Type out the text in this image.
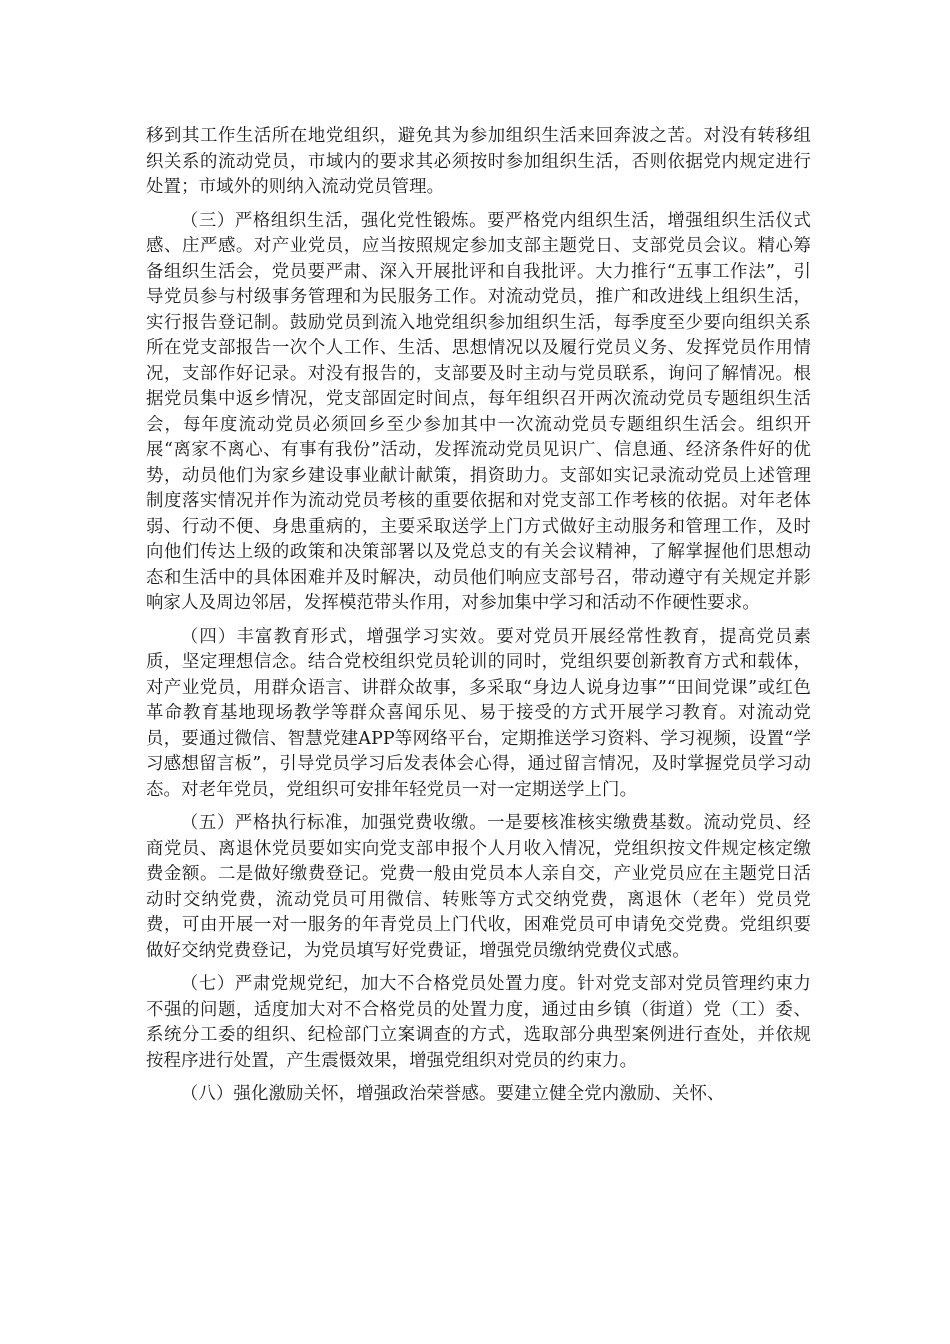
移到其工作生活所在地党组织，避免其为参加组织生活来回奔波之苦。对没有转移组织关系的流动党员，市域内的要求其必须按时参加组织生活，否则依据党内规定进行处置；市域外的则纳入流动党员管理。

（三）严格组织生活，强化党性锻炼。要严格党内组织生活，增强组织生活仪式感、庄严感。对产业党员，应当按照规定参加支部主题党日、支部党员会议。精心筹备组织生活会，党员要严肃、深入开展批评和自我批评。大力推行“五事工作法”，引导党员参与村级事务管理和为民服务工作。对流动党员，推广和改进线上组织生活，实行报告登记制。鼓励党员到流入地党组织参加组织生活，每季度至少要向组织关系所在党支部报告一次个人工作、生活、思想情况以及履行党员义务、发挥党员作用情况，支部作好记录。对没有报告的，支部要及时主动与党员联系，询问了解情况。根据党员集中返乡情况，党支部固定时间点，每年组织召开两次流动党员专题组织生活会，每年度流动党员必须回乡至少参加其中一次流动党员专题组织生活会。组织开展“离家不离心、有事有我份”活动，发挥流动党员见识广、信息通、经济条件好的优势，动员他们为家乡建设事业献计献策，捐资助力。支部如实记录流动党员上述管理制度落实情况并作为流动党员考核的重要依据和对党支部工作考核的依据。对年老体弱、行动不便、身患重病的，主要采取送学上门方式做好主动服务和管理工作，及时向他们传达上级的政策和决策部署以及党总支的有关会议精神，了解掌握他们思想动态和生活中的具体困难并及时解决，动员他们响应支部号召，带动遵守有关规定并影响家人及周边邻居，发挥模范带头作用，对参加集中学习和活动不作硬性要求。

（四）丰富教育形式，增强学习实效。要对党员开展经常性教育，提高党员素质，坚定理想信念。结合党校组织党员轮训的同时，党组织要创新教育方式和载体，对产业党员，用群众语言、讲群众故事，多采取“身边人说身边事”“田间党课”或红色革命教育基地现场教学等群众喜闻乐见、易于接受的方式开展学习教育。对流动党员，要通过微信、智慧党建APP等网络平台，定期推送学习资料、学习视频，设置“学习感想留言板”，引导党员学习后发表体会心得，通过留言情况，及时掌握党员学习动态。对老年党员，党组织可安排年轻党员一对一定期送学上门。

（五）严格执行标准，加强党费收缴。一是要核准核实缴费基数。流动党员、经商党员、离退休党员要如实向党支部申报个人月收入情况，党组织按文件规定核定缴费金额。二是做好缴费登记。党费一般由党员本人亲自交，产业党员应在主题党日活动时交纳党费，流动党员可用微信、转账等方式交纳党费，离退休（老年）党员党费，可由开展一对一服务的年青党员上门代收，困难党员可申请免交党费。党组织要做好交纳党费登记，为党员填写好党费证，增强党员缴纳党费仪式感。

（七）严肃党规党纪，加大不合格党员处置力度。针对党支部对党员管理约束力不强的问题，适度加大对不合格党员的处置力度，通过由乡镇（街道）党（工）委、系统分工委的组织、纪检部门立案调查的方式，选取部分典型案例进行查处，并依规按程序进行处置，产生震慑效果，增强党组织对党员的约束力。

（八）强化激励关怀，增强政治荣誉感。要建立健全党内激励、关怀、
